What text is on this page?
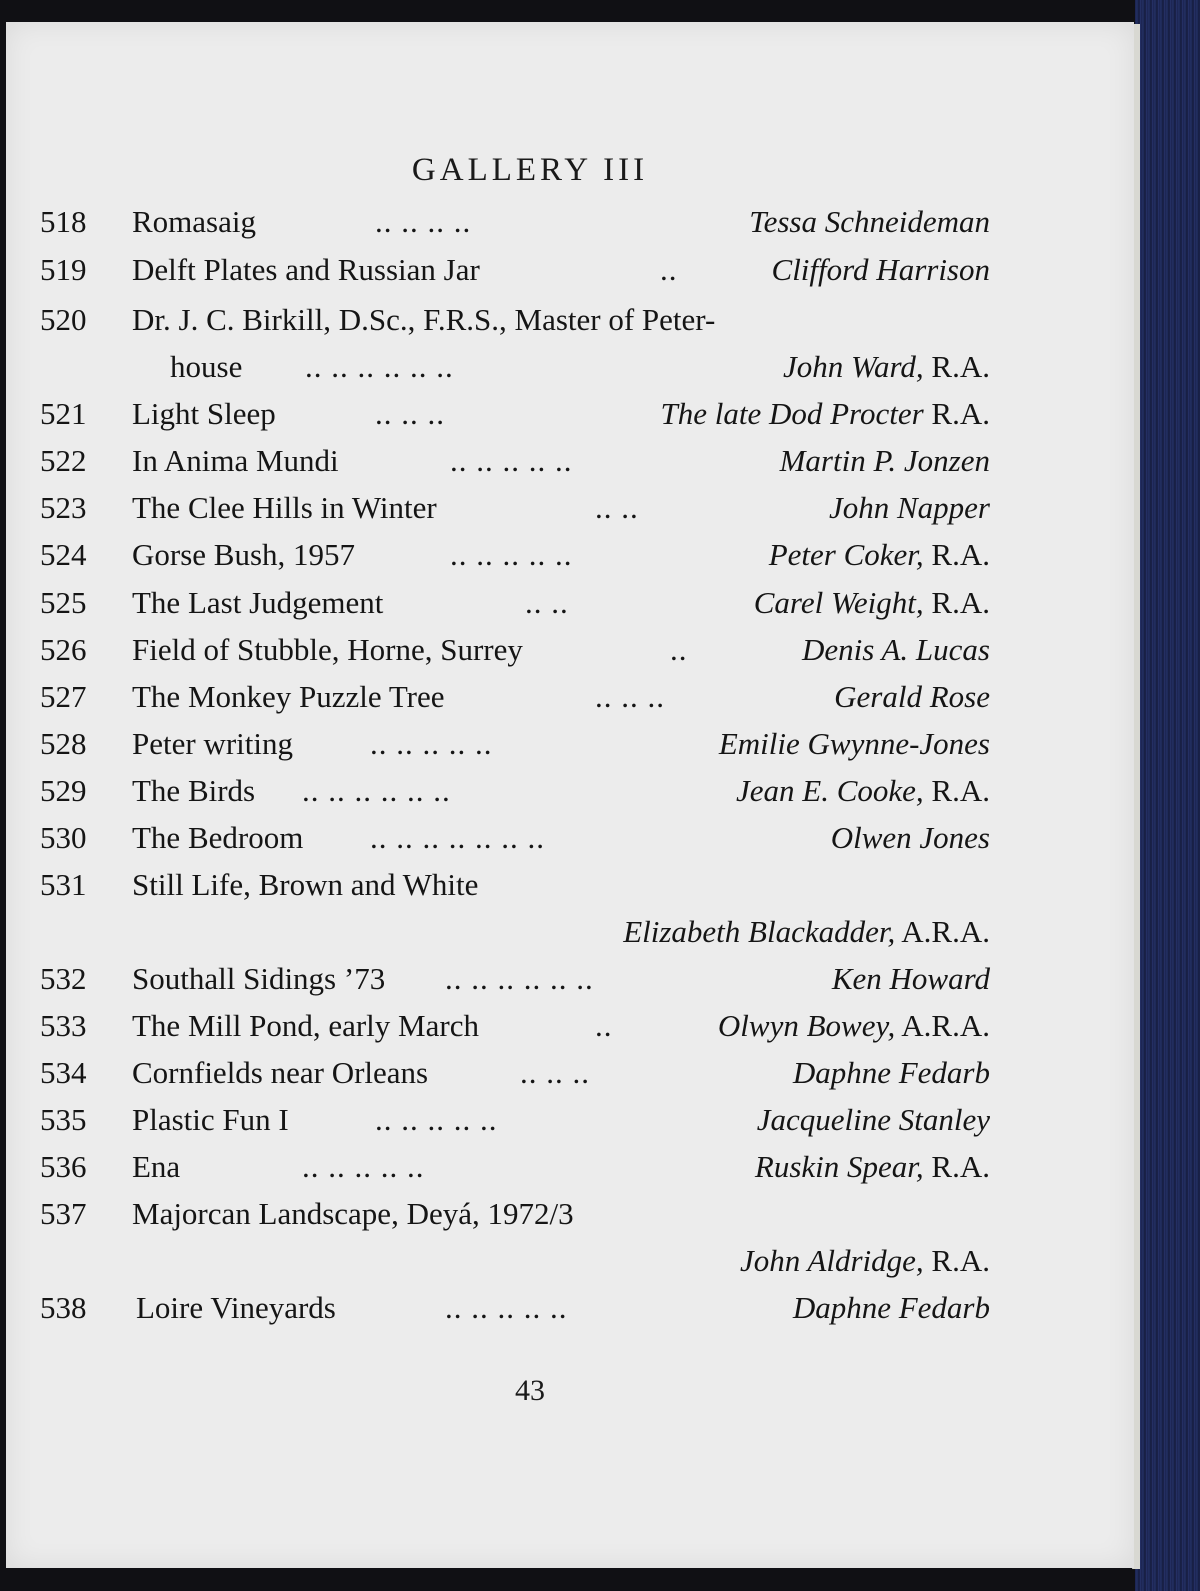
GALLERY III
518 Romasaig	.. .. .. ..	Tessa Schneideman
519 Delft Plates and Russian Jar	..	Clifford Harrison
520 Dr. J. C. Birkill, D.Sc., F.R.S., Master of Peter-
house .. .. .. .. .. ..	John Ward, R.A.
521 Light Sleep	.. .. ..	The late Dod Procter R.A.
522 In Anima Mundi	.. .. .. .. ..	Martin P. Jonzen
523 The Clee Hills in Winter	.. ..	John Napper
524 Gorse Bush, 1957	.. .. .. .. ..	Peter Coker, R.A.
525 The Last Judgement	.. ..	Carel Weight, R.A.
526 Field of Stubble, Horne, Surrey	..	Denis A. Lucas
527 The Monkey Puzzle Tree	.. .. ..	Gerald Rose
528 Peter writing .. .. .. .. ..	Emilie Gwynne-Jones
529 The Birds .. .. .. .. .. ..	Jean E. Cooke, R.A.
530 The Bedroom .. .. .. .. .. .. ..	Olwen Jones
531 Still Life, Brown and White
Elizabeth Blackadder, A.R.A.
532 Southall Sidings ’73 .. .. .. .. .. ..	Ken Howard
533 The Mill Pond, early March	..	Olwyn Bowey, A.R.A.
534 Cornfields near Orleans	.. .. ..	Daphne Fedarb
535 Plastic Fun I	.. .. .. .. ..	Jacqueline Stanley
536 Ena	.. .. .. .. ..	Ruskin Spear, R.A.
537 Majorcan Landscape, Deyá, 1972/3
John Aldridge, R.A.
538 Loire Vineyards	.. .. .. .. ..	Daphne Fedarb
43
